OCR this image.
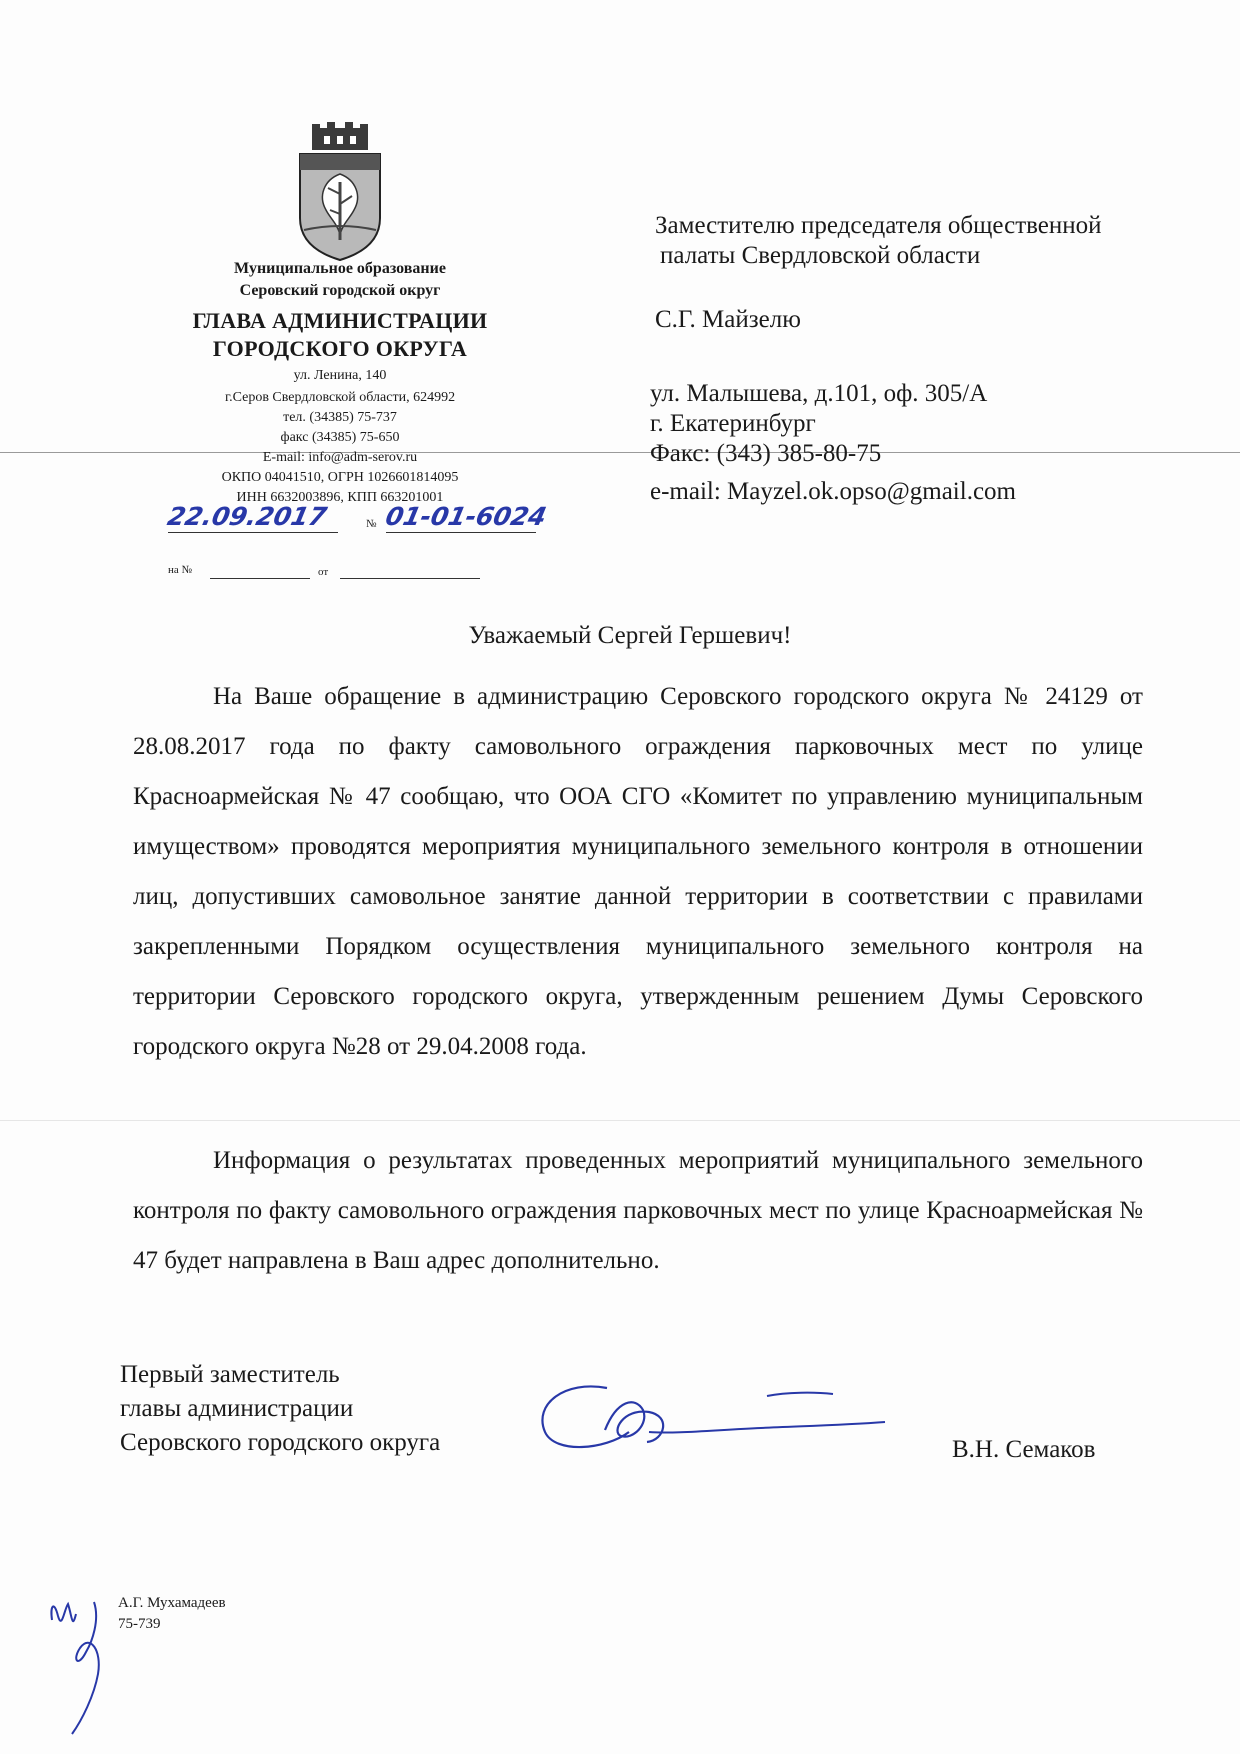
Муниципальное образование
Серовский городской округ
ГЛАВА АДМИНИСТРАЦИИ
ГОРОДСКОГО ОКРУГА
ул. Ленина, 140
г.Серов Свердловской области, 624992
тел. (34385) 75-737
факс (34385) 75-650
E-mail: info@adm-serov.ru
ОКПО 04041510, ОГРН 1026601814095
ИНН 6632003896, КПП 663201001
22.09.2017	№ 01-01-6024
на №	от
Заместителю председателя общественной
палаты Свердловской области
С.Г. Майзелю
ул. Малышева, д.101, оф. 305/А
г. Екатеринбург
Факс: (343) 385-80-75
e-mail: Mayzel.ok.opso@gmail.com
Уважаемый Сергей Гершевич!
На Ваше обращение в администрацию Серовского городского округа № 24129 от 28.08.2017 года по факту самовольного ограждения парковочных мест по улице Красноармейская № 47 сообщаю, что ООА СГО «Комитет по управлению муниципальным имуществом» проводятся мероприятия муниципального земельного контроля в отношении лиц, допустивших самовольное занятие данной территории в соответствии с правилами закрепленными Порядком осуществления муниципального земельного контроля на территории Серовского городского округа, утвержденным решением Думы Серовского городского округа №28 от 29.04.2008 года.
Информация о результатах проведенных мероприятий муниципального земельного контроля по факту самовольного ограждения парковочных мест по улице Красноармейская № 47 будет направлена в Ваш адрес дополнительно.
Первый заместитель
главы администрации
Серовского городского округа	В.Н. Семаков
А.Г. Мухамадеев
75-739
